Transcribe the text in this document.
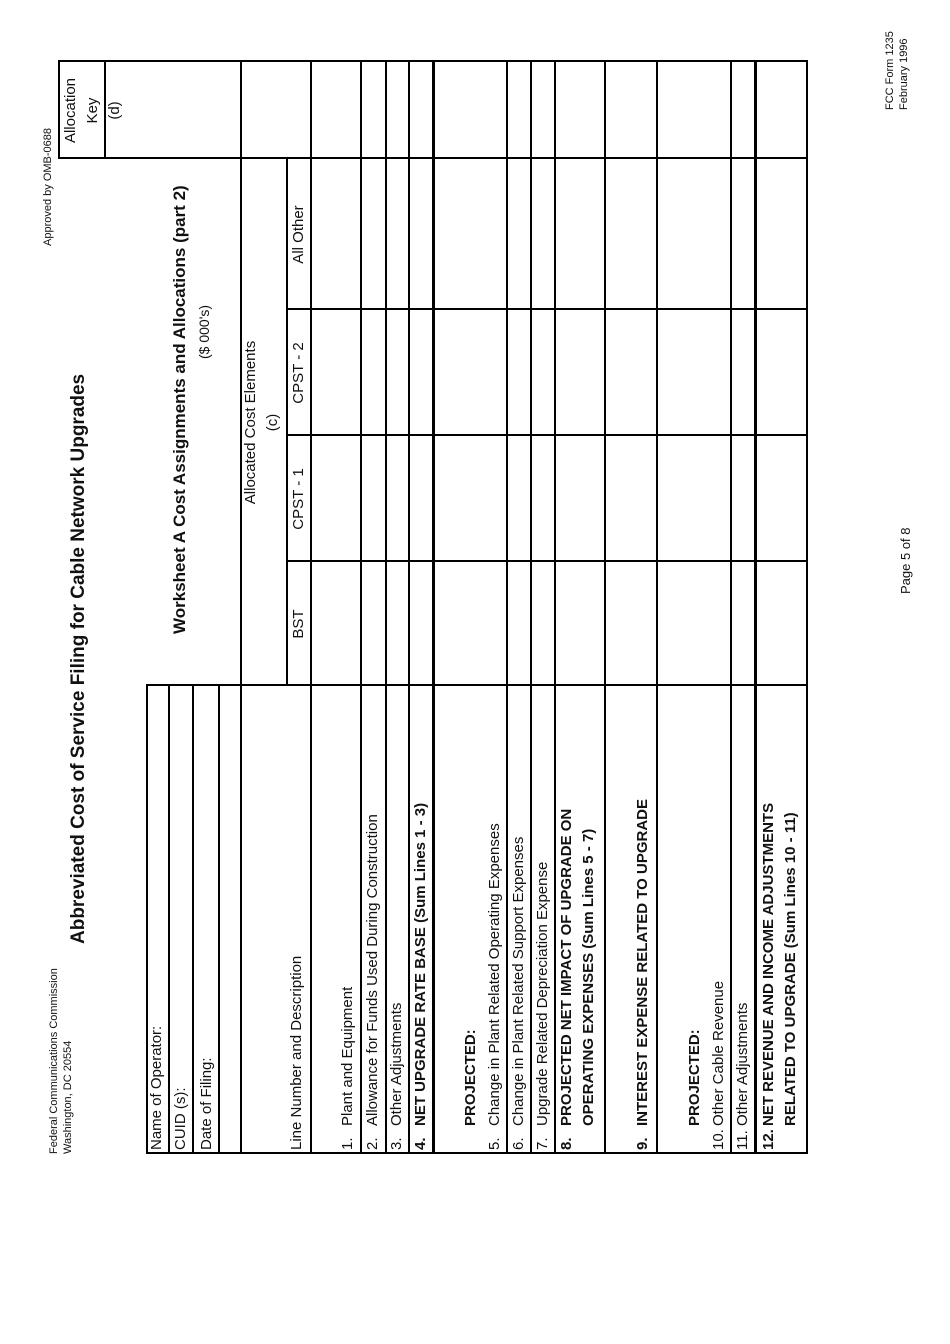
Federal Communications Commission Washington, DC 20554
Approved by OMB-0688
Abbreviated Cost of Service Filing for Cable Network Upgrades	Worksheet A Cost Assignments and Allocations (part 2) ($ 000's)
Name of Operator: CUID (s): Date of Filing:	Line Number and Description 1.
Plant and Equipment
2.
Allowance for Funds Used During Construction
3.
Other Adjustments
4.
NET UPGRADE RATE BASE (Sum Lines 1 - 3) PROJECTED:
5.
Change in Plant Related Operating Expenses
6.
Change in Plant Related Support Expenses
7.
Upgrade Related Depreciation Expense
8.
PROJECTED NET IMPACT OF UPGRADE ON OPERATING EXPENSES (Sum Lines 5 - 7)
9.
INTEREST EXPENSE RELATED TO UPGRADE PROJECTED:
10.
Other Cable Revenue
11.
Other Adjustments
12.
NET REVENUE AND INCOME ADJUSTMENTS RELATED TO UPGRADE (Sum Lines 10 - 11)
Allocated Cost Elements (c)
BST
CPST - 1
CPST - 2
All Other
Allocation Key (d)
Page 5 of 8
FCC Form 1235 February 1996
